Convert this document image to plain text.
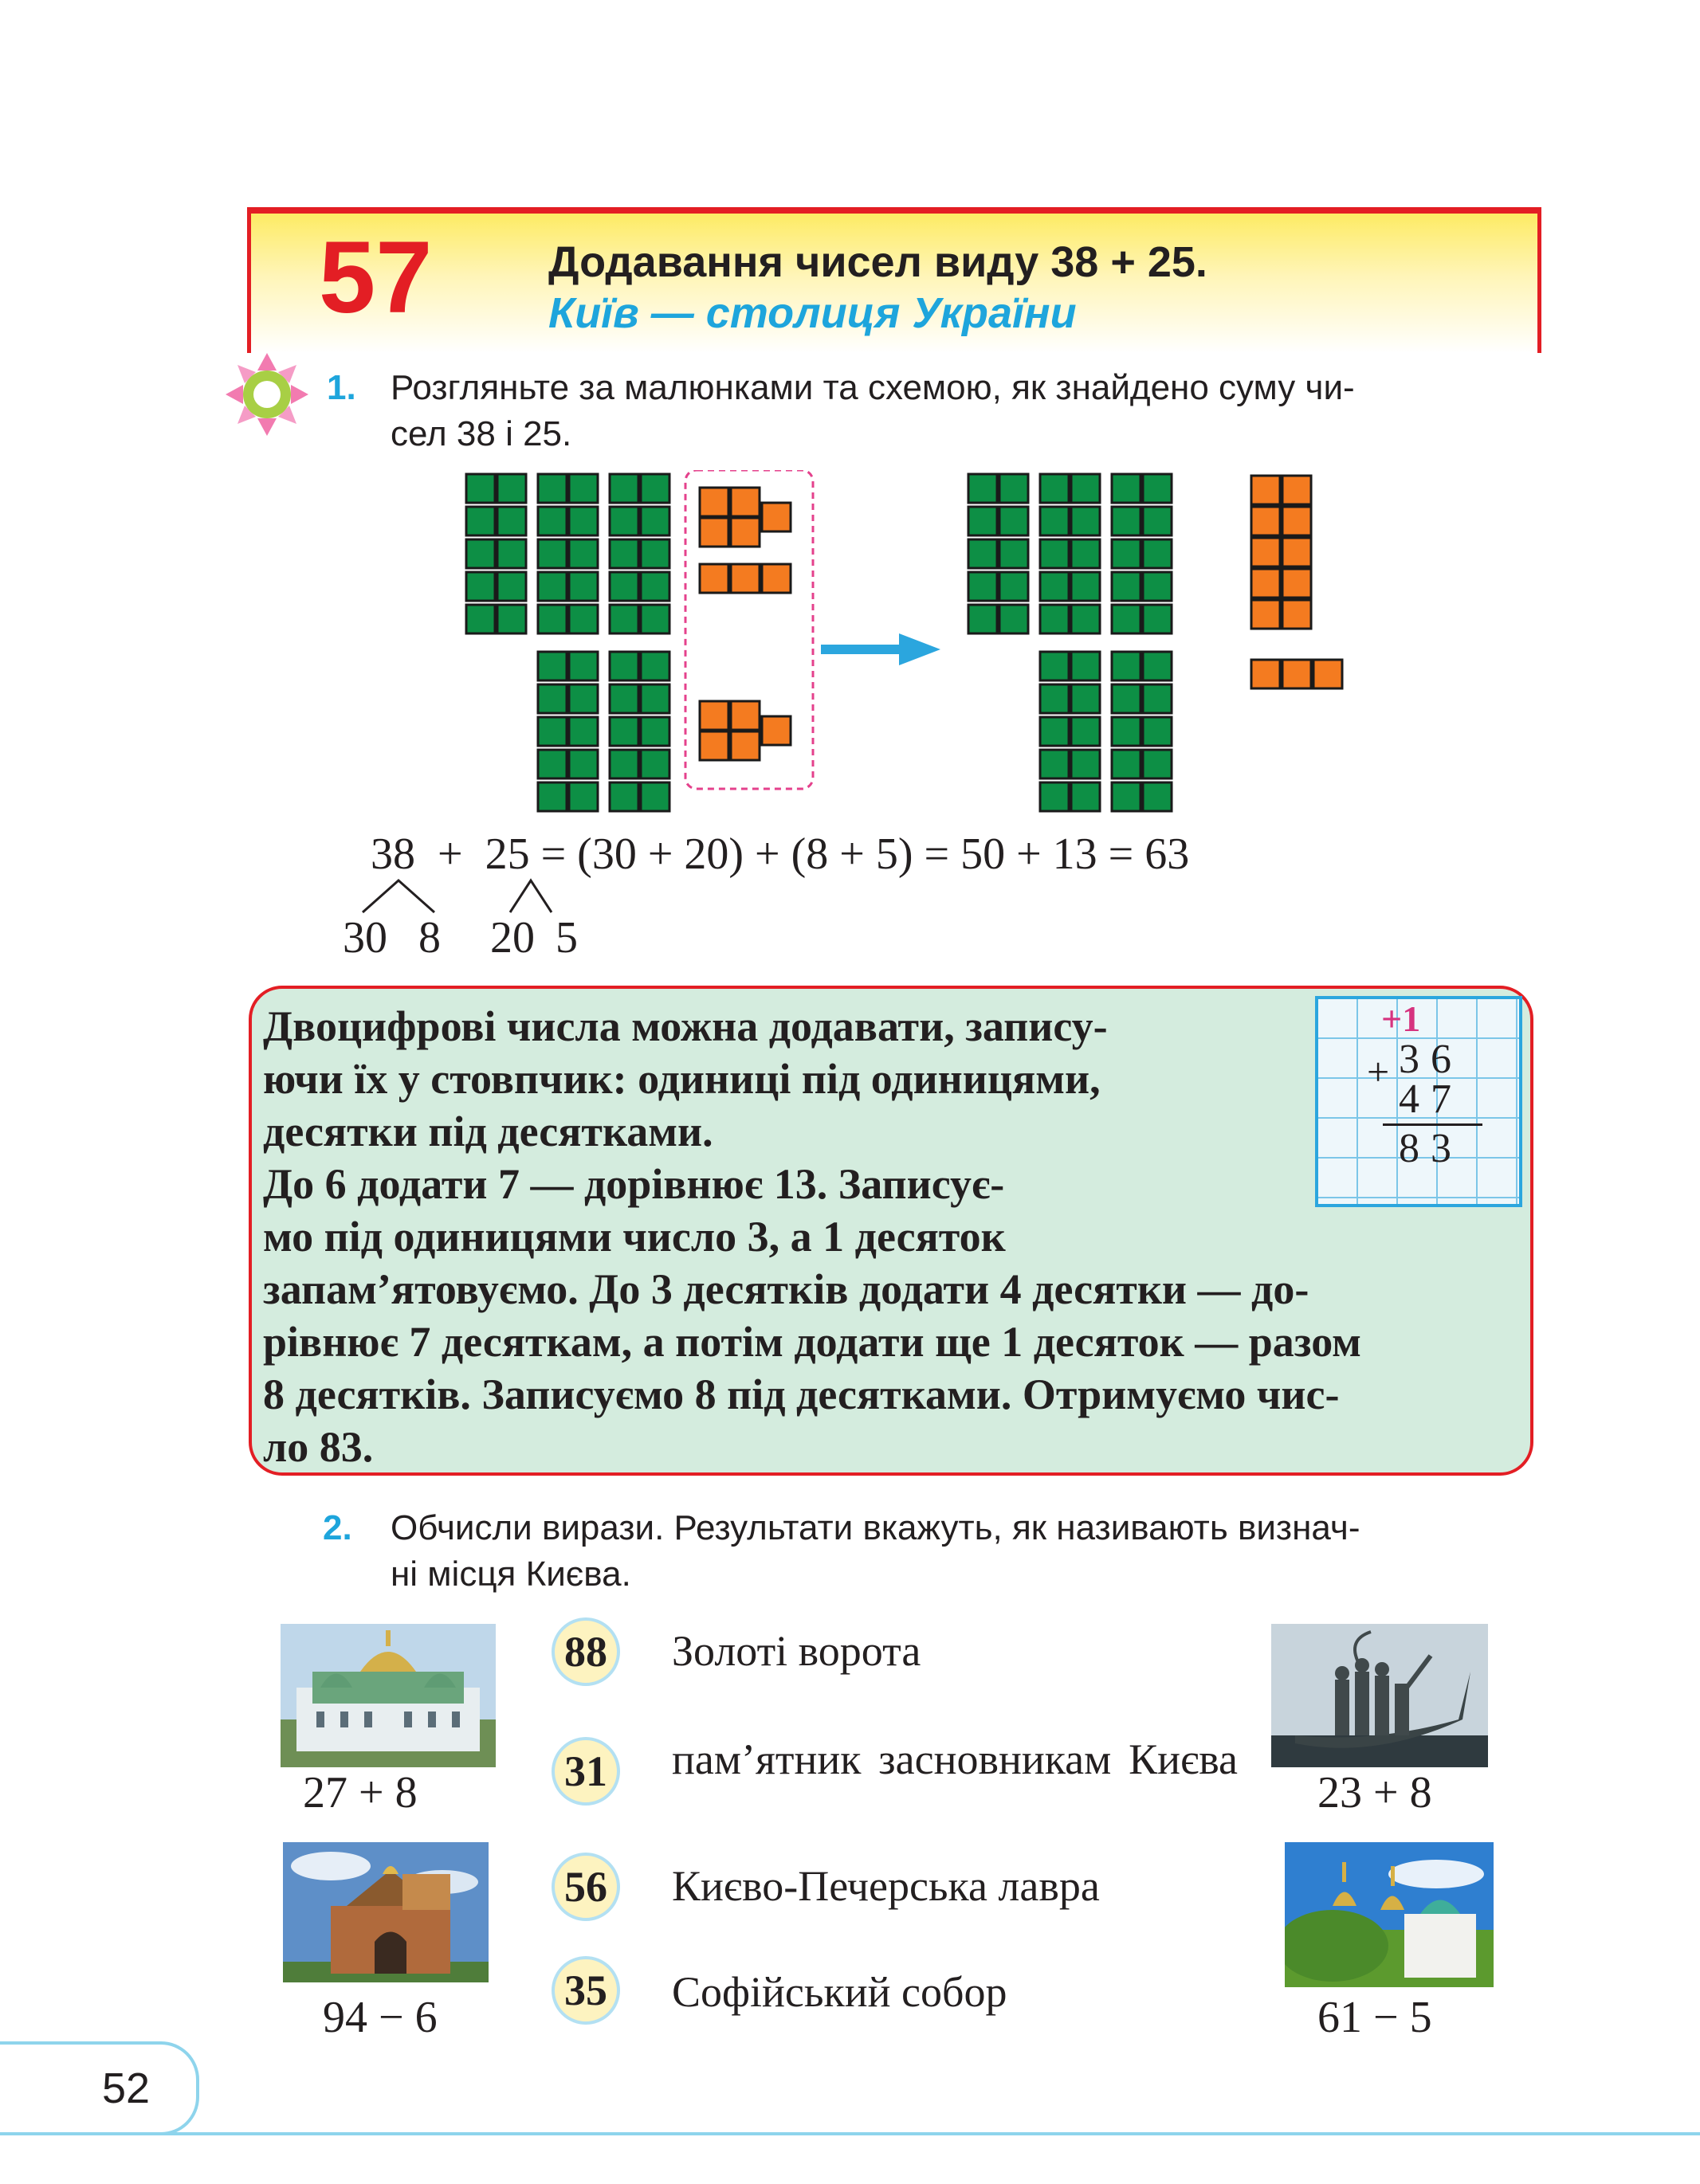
57	Додавання чисел виду 38 + 25.
Київ — столиця України
1. Розгляньте за малюнками та схемою, як знайдено суму чи-
сел 38 і 25.
38 + 25 = (30 + 20) + (8 + 5) = 50 + 13 = 63
30 8 20 5
Двоцифрові числа можна додавати, запису-
ючи їх у стовпчик: одиниці під одиницями,
десятки під десятками.
До 6 додати 7 — дорівнює 13. Записує-
мо під одиницями число 3, а 1 десяток
запам’ятовуємо. До 3 десятків додати 4 десятки — до-
рівнює 7 десяткам, а потім додати ще 1 десяток — разом
8 десятків. Записуємо 8 під десятками. Отримуємо чис-
ло 83.
+1
+ 36
47
83
2. Обчисли вирази. Результати вкажуть, як називають визнач-
ні місця Києва.
27 + 8
94 − 6
88 Золоті ворота
31 пам’ятник засновникам Києва
56 Києво-Печерська лавра
35 Софійський собор
23 + 8
61 − 5
52
